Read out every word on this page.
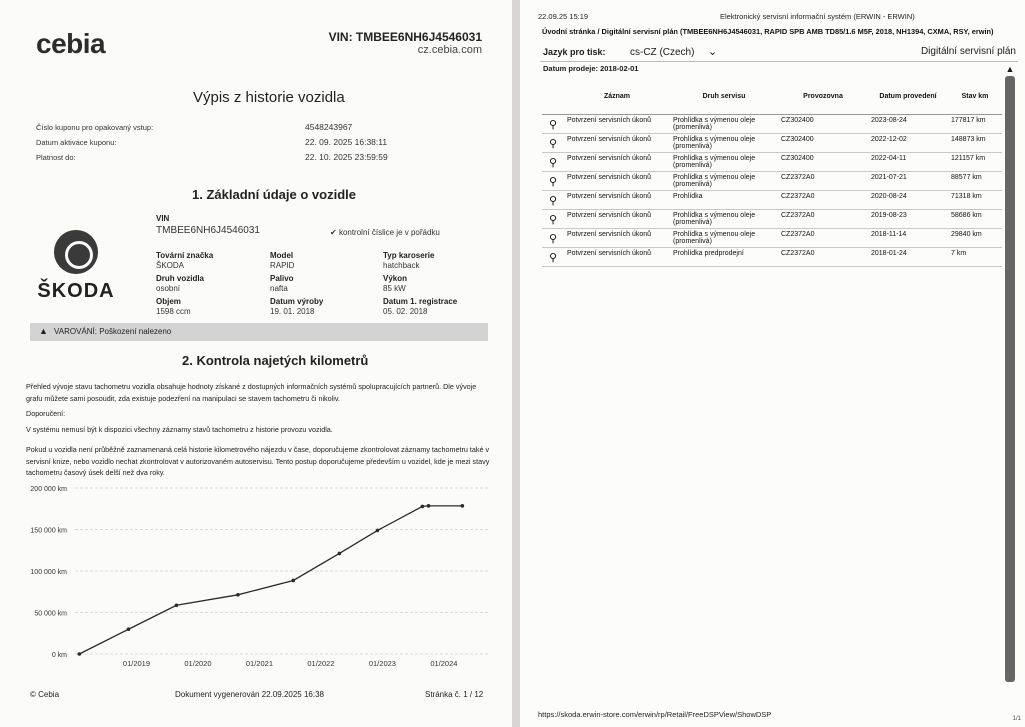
cebia	VIN: TMBEE6NH6J4546031
cz.cebia.com
Výpis z historie vozidla
Číslo kuponu pro opakovaný vstup:	4548243967
Datum aktivace kuponu:	22. 09. 2025 16:38:11
Platnost do:	22. 10. 2025 23:59:59
1. Základní údaje o vozidle
ŠKODA
VIN
TMBEE6NH6J4546031	✔ kontrolní číslice je v pořádku
Tovární značka
ŠKODA
Model
RAPID
Typ karoserie
hatchback
Druh vozidla
osobní
Palivo
nafta
Výkon
85 kW
Objem
1598 ccm
Datum výroby
19. 01. 2018
Datum 1. registrace
05. 02. 2018
▲ VAROVÁNÍ: Poškození nalezeno
2. Kontrola najetých kilometrů
Přehled vývoje stavu tachometru vozidla obsahuje hodnoty získané z dostupných informačních systémů spolupracujících partnerů. Dle vývoje grafu můžete sami posoudit, zda existuje podezření na manipulaci se stavem tachometru či nikoliv.
Doporučení:
V systému nemusí být k dispozici všechny záznamy stavů tachometru z historie provozu vozidla.
Pokud u vozidla není průběžně zaznamenaná celá historie kilometrového nájezdu v čase, doporučujeme zkontrolovat záznamy tachometru také v servisní knize, nebo vozidlo nechat zkontrolovat v autorizovaném autoservisu. Tento postup doporučujeme především u vozidel, kde je mezi stavy tachometru časový úsek delší než dva roky.
0 km
50 000 km
100 000 km
150 000 km
200 000 km
01/2019	01/2020	01/2021	01/2022	01/2023	01/2024
© Cebia	Dokument vygenerován 22.09.2025 16:38	Stránka č. 1 / 12
22.09.25 15:19	Elektronický servisní informační systém (ERWIN - ERWIN)
Úvodní stránka / Digitální servisní plán (TMBEE6NH6J4546031, RAPID SPB AMB TD85/1.6 M5F, 2018, NH1394, CXMA, RSY, erwin)
Jazyk pro tisk: cs-CZ (Czech) ⌄	Digitální servisní plán
Datum prodeje: 2018-02-01	▲
	Záznam	Druh servisu	Provozovna	Datum provedení	Stav km
⚲	Potvrzení servisních úkonů	Prohlídka s výmenou oleje (promenlivá)	CZ302400	2023-08-24	177817 km
⚲	Potvrzení servisních úkonů	Prohlídka s výmenou oleje (promenlivá)	CZ302400	2022-12-02	148873 km
⚲	Potvrzení servisních úkonů	Prohlídka s výmenou oleje (promenlivá)	CZ302400	2022-04-11	121157 km
⚲	Potvrzení servisních úkonů	Prohlídka s výmenou oleje (promenlivá)	CZ2372A0	2021-07-21	88577 km
⚲	Potvrzení servisních úkonů	Prohlídka	CZ2372A0	2020-08-24	71318 km
⚲	Potvrzení servisních úkonů	Prohlídka s výmenou oleje (promenlivá)	CZ2372A0	2019-08-23	58686 km
⚲	Potvrzení servisních úkonů	Prohlídka s výmenou oleje (promenlivá)	CZ2372A0	2018-11-14	29840 km
⚲	Potvrzení servisních úkonů	Prohlídka predprodejní	CZ2372A0	2018-01-24	7 km
https://skoda.erwin-store.com/erwin/rp/Retail/FreeDSPView/ShowDSP	1/1
